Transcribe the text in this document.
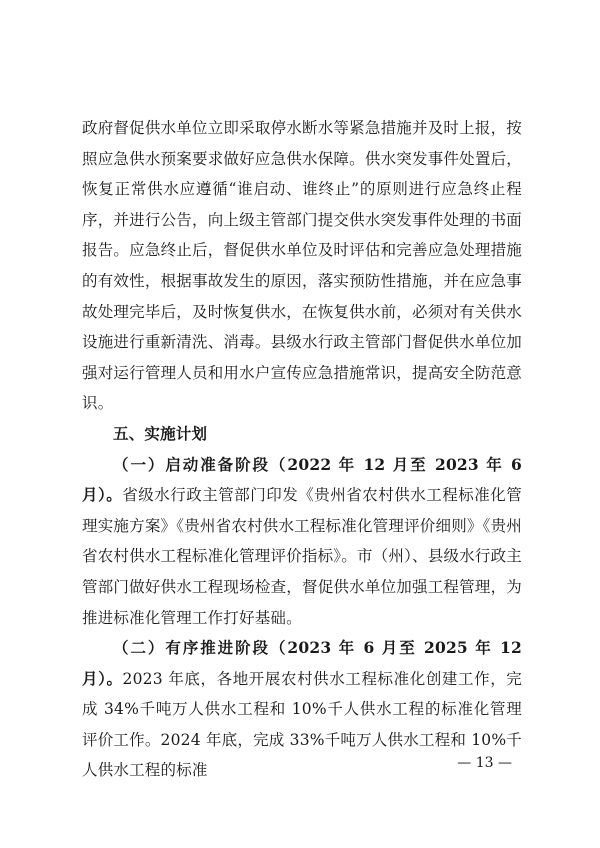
政府督促供水单位立即采取停水断水等紧急措施并及时上报，按照应急供水预案要求做好应急供水保障。供水突发事件处置后，恢复正常供水应遵循“谁启动、谁终止”的原则进行应急终止程序，并进行公告，向上级主管部门提交供水突发事件处理的书面报告。应急终止后，督促供水单位及时评估和完善应急处理措施的有效性，根据事故发生的原因，落实预防性措施，并在应急事故处理完毕后，及时恢复供水，在恢复供水前，必须对有关供水设施进行重新清洗、消毒。县级水行政主管部门督促供水单位加强对运行管理人员和用水户宣传应急措施常识，提高安全防范意识。

五、实施计划

（一）启动准备阶段（2022 年 12 月至 2023 年 6 月）。省级水行政主管部门印发《贵州省农村供水工程标准化管理实施方案》《贵州省农村供水工程标准化管理评价细则》《贵州省农村供水工程标准化管理评价指标》。市（州）、县级水行政主管部门做好供水工程现场检查，督促供水单位加强工程管理，为推进标准化管理工作打好基础。

（二）有序推进阶段（2023 年 6 月至 2025 年 12 月）。2023 年底，各地开展农村供水工程标准化创建工作，完成 34%千吨万人供水工程和 10%千人供水工程的标准化管理评价工作。2024 年底，完成 33%千吨万人供水工程和 10%千人供水工程的标准	— 13 —
